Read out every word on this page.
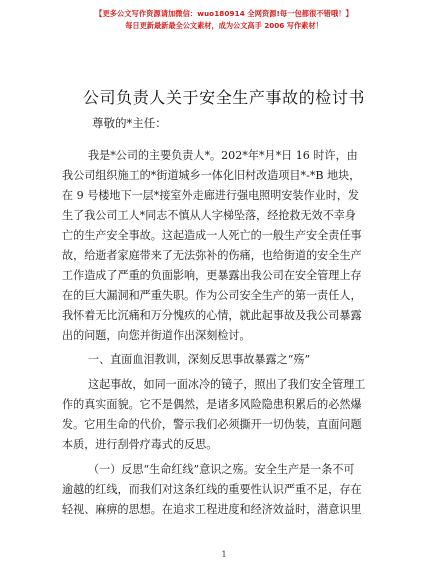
【更多公文写作资源请加微信：wuo180914 全网资源!每一包都很不错哦！】
每日更新最新最全公文素材，成为公文高手 2006 写作素材！
公司负责人关于安全生产事故的检讨书
尊敬的*主任：
我是*公司的主要负责人*。202*年*月*日 16 时许，由
我公司组织施工的*街道城乡一体化旧村改造项目*-*B 地块，
在 9 号楼地下一层*接室外走廊进行强电照明安装作业时，发
生了我公司工人*同志不慎从人字梯坠落，经抢救无效不幸身
亡的生产安全事故。这起造成一人死亡的一般生产安全责任事
故，给逝者家庭带来了无法弥补的伤痛，也给街道的安全生产
工作造成了严重的负面影响，更暴露出我公司在安全管理上存
在的巨大漏洞和严重失职。作为公司安全生产的第一责任人，
我怀着无比沉痛和万分愧疚的心情，就此起事故及我公司暴露
出的问题，向您并街道作出深刻检讨。
一、直面血泪教训，深刻反思事故暴露之“殇”
这起事故，如同一面冰冷的镜子，照出了我们安全管理工
作的真实面貌。它不是偶然，是诸多风险隐患积累后的必然爆
发。它用生命的代价，警示我们必须撕开一切伪装，直面问题
本质，进行刮骨疗毒式的反思。
（一）反思“生命红线”意识之殇。安全生产是一条不可
逾越的红线，而我们对这条红线的重要性认识严重不足，存在
轻视、麻痹的思想。在追求工程进度和经济效益时，潜意识里
1
